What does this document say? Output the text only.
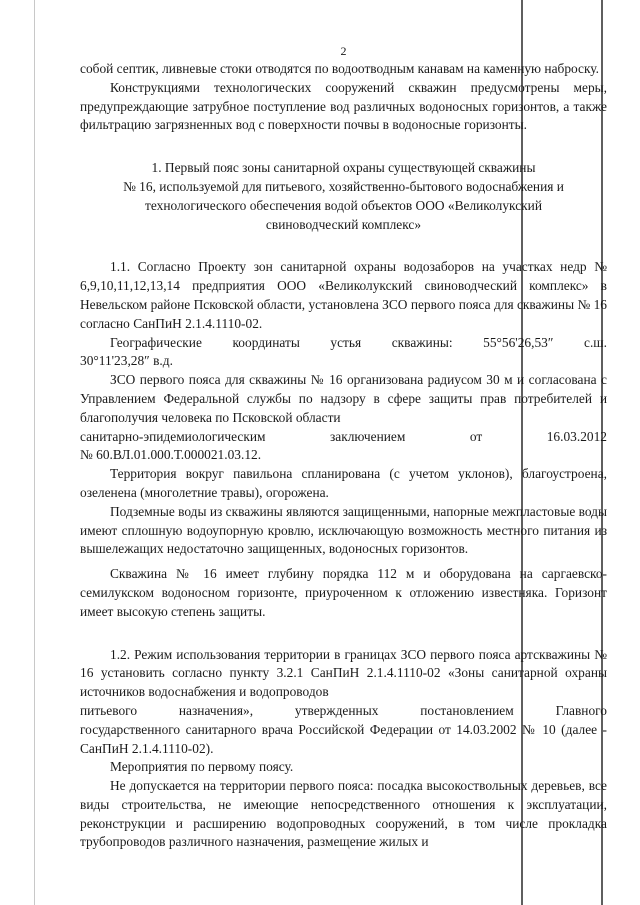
2

собой септик, ливневые стоки отводятся по водоотводным канавам на каменную наброску.

Конструкциями технологических сооружений скважин предусмотрены меры, предупреждающие затрубное поступление вод различных водоносных горизонтов, а также фильтрацию загрязненных вод с поверхности почвы в водоносные горизонты.

1. Первый пояс зоны санитарной охраны существующей скважины
№ 16, используемой для питьевого, хозяйственно-бытового водоснабжения и
технологического обеспечения водой объектов ООО «Великолукский
свиноводческий комплекс»

1.1. Согласно Проекту зон санитарной охраны водозаборов на участках недр № 6,9,10,11,12,13,14 предприятия ООО «Великолукский свиноводческий комплекс» в Невельском районе Псковской области, установлена ЗСО первого пояса для скважины № 16 согласно СанПиН 2.1.4.1110-02.

Географические координаты устья скважины: 55°56'26,53″ с.ш.

30°11'23,28″ в.д.

ЗСО первого пояса для скважины № 16 организована радиусом 30 м и согласована с Управлением Федеральной службы по надзору в сфере защиты прав потребителей и благополучия человека по Псковской области

санитарно-эпидемиологическим	заключением	от	16.03.2012

№ 60.ВЛ.01.000.Т.000021.03.12.

Территория вокруг павильона спланирована (с учетом уклонов), благоустроена, озеленена (многолетние травы), огорожена.

Подземные воды из скважины являются защищенными, напорные межпластовые воды имеют сплошную водоупорную кровлю, исключающую возможность местного питания из вышележащих недостаточно защищенных, водоносных горизонтов.

Скважина № 16 имеет глубину порядка 112 м и оборудована на саргаевско-семилукском водоносном горизонте, приуроченном к отложению известняка. Горизонт имеет высокую степень защиты.

1.2. Режим использования территории в границах ЗСО первого пояса артскважины № 16 установить согласно пункту 3.2.1 СанПиН 2.1.4.1110-02 «Зоны санитарной охраны источников водоснабжения и водопроводов

питьевого	назначения»,	утвержденных	постановлением	Главного

государственного санитарного врача Российской Федерации от 14.03.2002 № 10 (далее - СанПиН 2.1.4.1110-02).

Мероприятия по первому поясу.

Не допускается на территории первого пояса: посадка высокоствольных деревьев, все виды строительства, не имеющие непосредственного отношения к эксплуатации, реконструкции и расширению водопроводных сооружений, в том числе прокладка трубопроводов различного назначения, размещение жилых и
